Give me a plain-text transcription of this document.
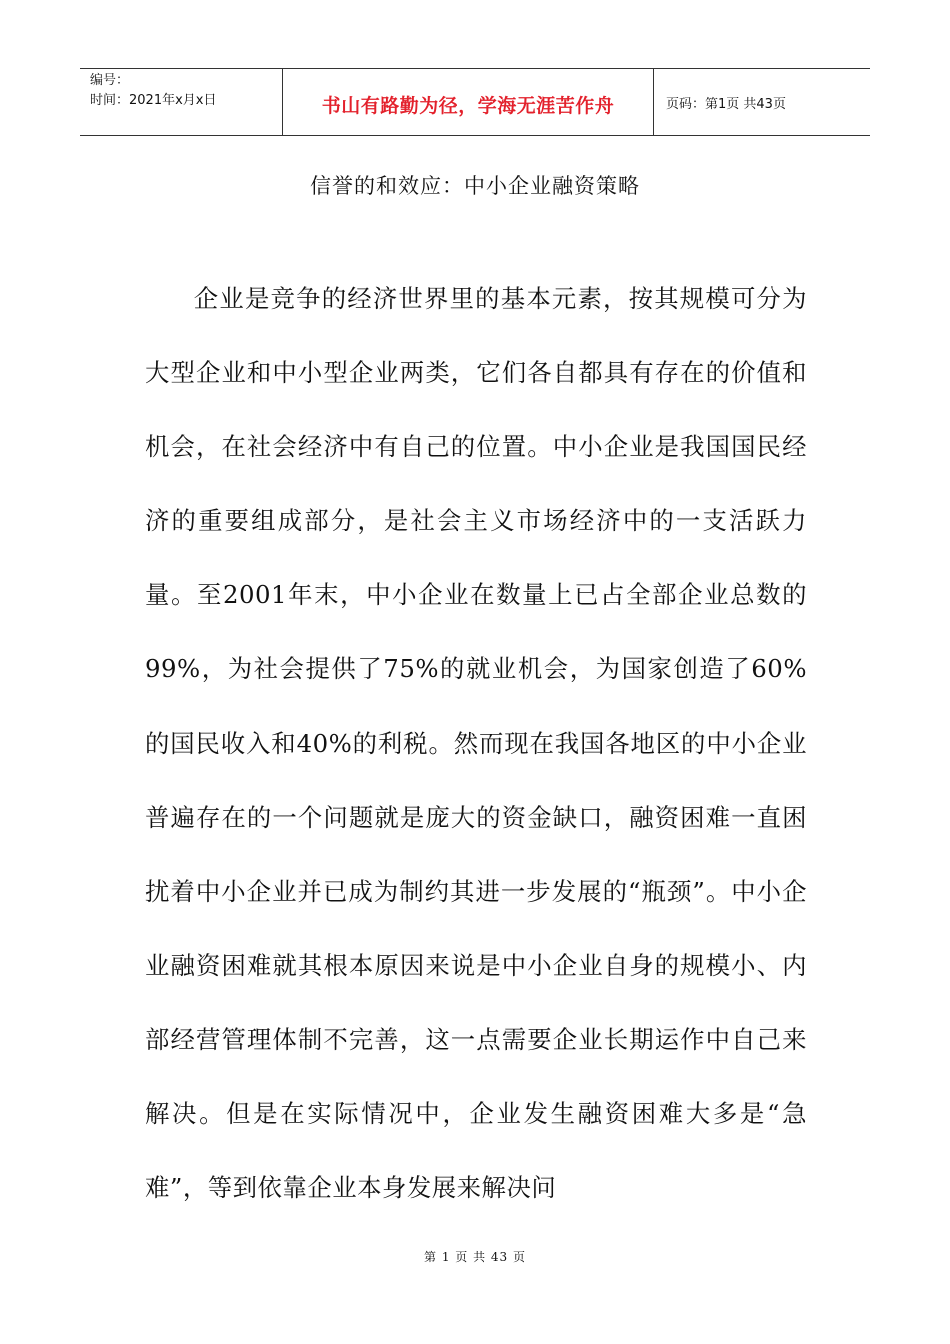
编号：
时间：2021年x月x日	书山有路勤为径，学海无涯苦作舟	页码：第1页 共43页
信誉的和效应：中小企业融资策略
企业是竞争的经济世界里的基本元素，按其规模可分为大型企业和中小型企业两类，它们各自都具有存在的价值和机会，在社会经济中有自己的位置。中小企业是我国国民经济的重要组成部分，是社会主义市场经济中的一支活跃力量。至2001年末，中小企业在数量上已占全部企业总数的99%，为社会提供了75%的就业机会，为国家创造了60%的国民收入和40%的利税。然而现在我国各地区的中小企业普遍存在的一个问题就是庞大的资金缺口，融资困难一直困扰着中小企业并已成为制约其进一步发展的“瓶颈”。中小企业融资困难就其根本原因来说是中小企业自身的规模小、内部经营管理体制不完善，这一点需要企业长期运作中自己来解决。但是在实际情况中，企业发生融资困难大多是“急难”，等到依靠企业本身发展来解决问
第 1 页 共 43 页
